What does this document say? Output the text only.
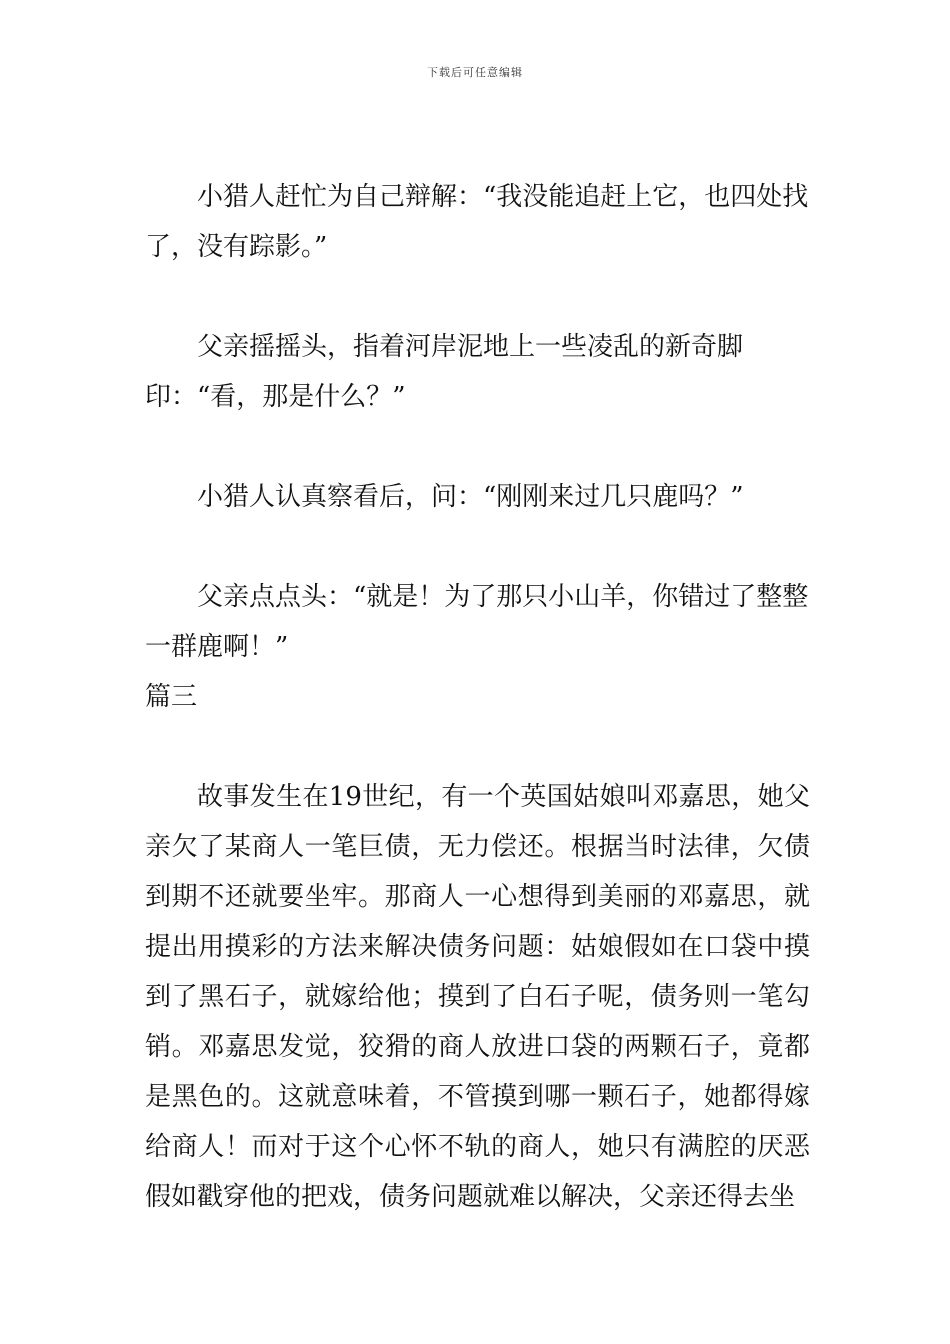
下载后可任意编辑

小猎人赶忙为自己辩解：“我没能追赶上它，也四处找了，没有踪影。”

父亲摇摇头，指着河岸泥地上一些凌乱的新奇脚印：“看，那是什么？”

小猎人认真察看后，问：“刚刚来过几只鹿吗？”

父亲点点头：“就是！为了那只小山羊，你错过了整整一群鹿啊！”

篇三

故事发生在19世纪，有一个英国姑娘叫邓嘉思，她父亲欠了某商人一笔巨债，无力偿还。根据当时法律，欠债到期不还就要坐牢。那商人一心想得到美丽的邓嘉思，就提出用摸彩的方法来解决债务问题：姑娘假如在口袋中摸到了黑石子，就嫁给他；摸到了白石子呢，债务则一笔勾销。邓嘉思发觉，狡猾的商人放进口袋的两颗石子，竟都是黑色的。这就意味着，不管摸到哪一颗石子，她都得嫁给商人！而对于这个心怀不轨的商人，她只有满腔的厌恶假如戳穿他的把戏，债务问题就难以解决，父亲还得去坐
